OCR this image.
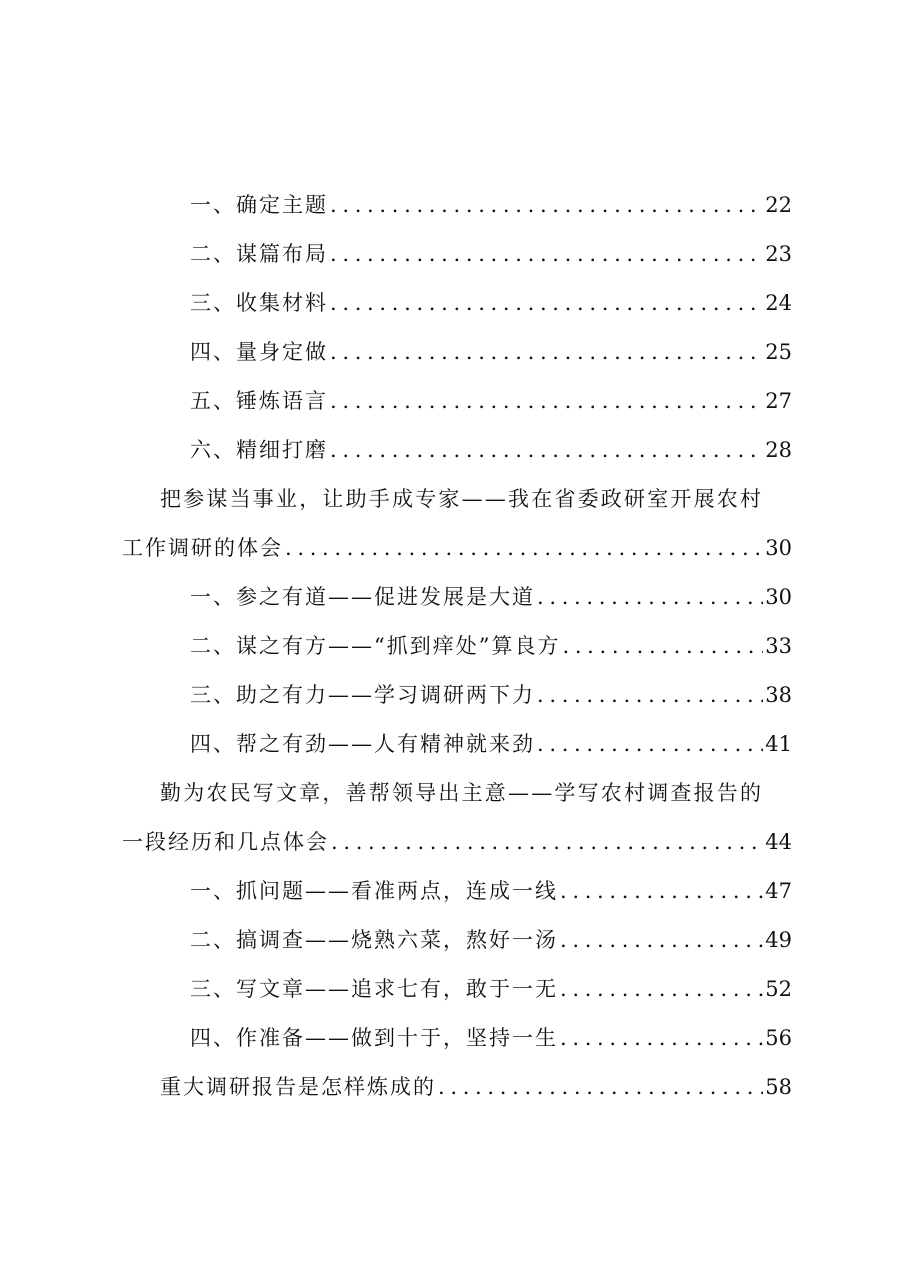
一、确定主题 . . .	22
二、谋篇布局 . . .	23
三、收集材料 . . .	24
四、量身定做 . . .	25
五、锤炼语言 . . .	27
六、精细打磨 . . .	28
把参谋当事业，让助手成专家——我在省委政研室开展农村
工作调研的体会 . . .	30
一、参之有道——促进发展是大道 . . .	30
二、谋之有方——“抓到痒处”算良方 . . .	33
三、助之有力——学习调研两下力 . . .	38
四、帮之有劲——人有精神就来劲 . . .	41
勤为农民写文章，善帮领导出主意——学写农村调查报告的
一段经历和几点体会 . . .	44
一、抓问题——看准两点，连成一线 . . .	47
二、搞调查——烧熟六菜，熬好一汤 . . .	49
三、写文章——追求七有，敢于一无 . . .	52
四、作准备——做到十于，坚持一生 . . .	56
重大调研报告是怎样炼成的 . . .	58
